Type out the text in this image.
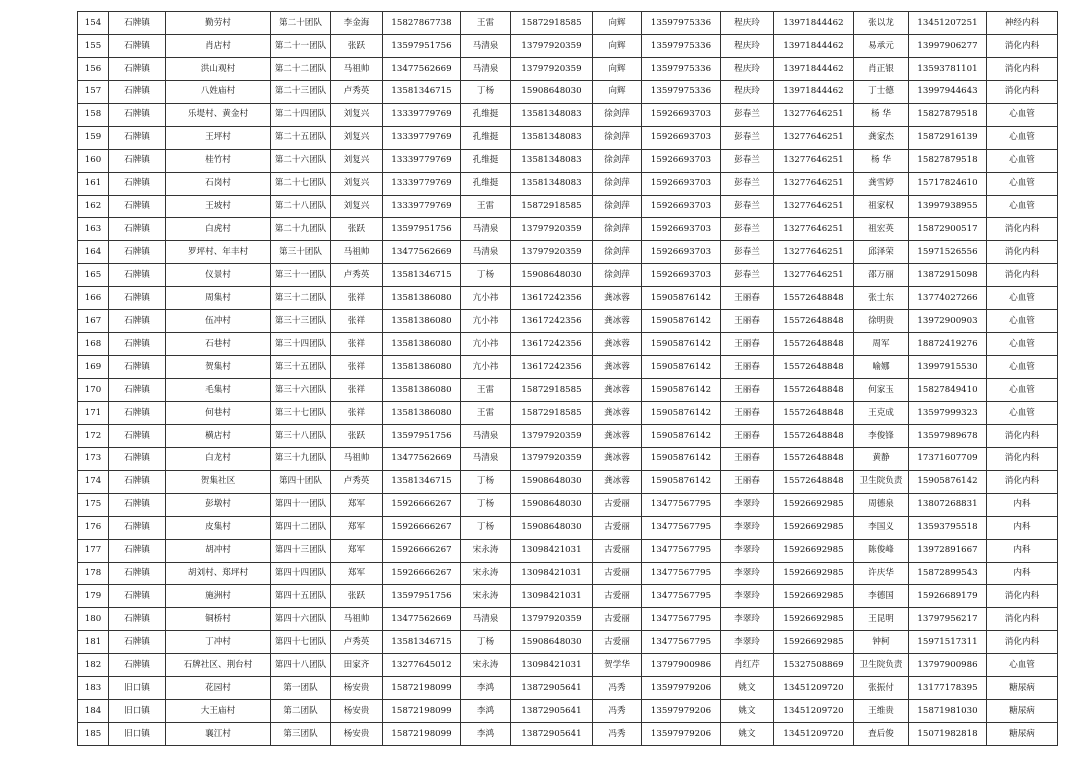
154	石牌镇	勤劳村	第二十团队	李金海	15827867738	王雷	15872918585	向辉	13597975336	程庆玲	13971844462	张以龙	13451207251	神经内科
155	石牌镇	肖店村	第二十一团队	张跃	13597951756	马清泉	13797920359	向辉	13597975336	程庆玲	13971844462	易承元	13997906277	消化内科
156	石牌镇	洪山观村	第二十二团队	马祖帅	13477562669	马清泉	13797920359	向辉	13597975336	程庆玲	13971844462	肖正银	13593781101	消化内科
157	石牌镇	八姓庙村	第二十三团队	卢秀英	13581346715	丁杨	15908648030	向辉	13597975336	程庆玲	13971844462	丁士德	13997944643	消化内科
158	石牌镇	乐堤村、黄金村	第二十四团队	刘复兴	13339779769	孔维挺	13581348083	徐剑萍	15926693703	彭春兰	13277646251	杨 华	15827879518	心血管
159	石牌镇	王坪村	第二十五团队	刘复兴	13339779769	孔维挺	13581348083	徐剑萍	15926693703	彭春兰	13277646251	龚家杰	15872916139	心血管
160	石牌镇	桂竹村	第二十六团队	刘复兴	13339779769	孔维挺	13581348083	徐剑萍	15926693703	彭春兰	13277646251	杨 华	15827879518	心血管
161	石牌镇	石岗村	第二十七团队	刘复兴	13339779769	孔维挺	13581348083	徐剑萍	15926693703	彭春兰	13277646251	龚雪婷	15717824610	心血管
162	石牌镇	王坡村	第二十八团队	刘复兴	13339779769	王雷	15872918585	徐剑萍	15926693703	彭春兰	13277646251	祖家权	13997938955	心血管
163	石牌镇	白虎村	第二十九团队	张跃	13597951756	马清泉	13797920359	徐剑萍	15926693703	彭春兰	13277646251	祖宏英	15872900517	消化内科
164	石牌镇	罗坪村、年丰村	第三十团队	马祖帅	13477562669	马清泉	13797920359	徐剑萍	15926693703	彭春兰	13277646251	邱泽荣	15971526556	消化内科
165	石牌镇	仪景村	第三十一团队	卢秀英	13581346715	丁杨	15908648030	徐剑萍	15926693703	彭春兰	13277646251	邵万丽	13872915098	消化内科
166	石牌镇	周集村	第三十二团队	张祥	13581386080	亢小祎	13617242356	龚冰蓉	15905876142	王丽春	15572648848	张士东	13774027266	心血管
167	石牌镇	伍冲村	第三十三团队	张祥	13581386080	亢小祎	13617242356	龚冰蓉	15905876142	王丽春	15572648848	徐明贵	13972900903	心血管
168	石牌镇	石巷村	第三十四团队	张祥	13581386080	亢小祎	13617242356	龚冰蓉	15905876142	王丽春	15572648848	周军	18872419276	心血管
169	石牌镇	贺集村	第三十五团队	张祥	13581386080	亢小祎	13617242356	龚冰蓉	15905876142	王丽春	15572648848	喻娜	13997915530	心血管
170	石牌镇	毛集村	第三十六团队	张祥	13581386080	王雷	15872918585	龚冰蓉	15905876142	王丽春	15572648848	何家玉	15827849410	心血管
171	石牌镇	何巷村	第三十七团队	张祥	13581386080	王雷	15872918585	龚冰蓉	15905876142	王丽春	15572648848	王克成	13597999323	心血管
172	石牌镇	横店村	第三十八团队	张跃	13597951756	马清泉	13797920359	龚冰蓉	15905876142	王丽春	15572648848	李俊锋	13597989678	消化内科
173	石牌镇	白龙村	第三十九团队	马祖帅	13477562669	马清泉	13797920359	龚冰蓉	15905876142	王丽春	15572648848	黄静	17371607709	消化内科
174	石牌镇	贺集社区	第四十团队	卢秀英	13581346715	丁杨	15908648030	龚冰蓉	15905876142	王丽春	15572648848	卫生院负责	15905876142	消化内科
175	石牌镇	彭墩村	第四十一团队	郑军	15926666267	丁杨	15908648030	古爱丽	13477567795	李翠玲	15926692985	周德泉	13807268831	内科
176	石牌镇	皮集村	第四十二团队	郑军	15926666267	丁杨	15908648030	古爱丽	13477567795	李翠玲	15926692985	李国义	13593795518	内科
177	石牌镇	胡冲村	第四十三团队	郑军	15926666267	宋永涛	13098421031	古爱丽	13477567795	李翠玲	15926692985	陈俊峰	13972891667	内科
178	石牌镇	胡刘村、郑坪村	第四十四团队	郑军	15926666267	宋永涛	13098421031	古爱丽	13477567795	李翠玲	15926692985	许庆华	15872899543	内科
179	石牌镇	施洲村	第四十五团队	张跃	13597951756	宋永涛	13098421031	古爱丽	13477567795	李翠玲	15926692985	李德国	15926689179	消化内科
180	石牌镇	铜桥村	第四十六团队	马祖帅	13477562669	马清泉	13797920359	古爱丽	13477567795	李翠玲	15926692985	王昆明	13797956217	消化内科
181	石牌镇	丁冲村	第四十七团队	卢秀英	13581346715	丁杨	15908648030	古爱丽	13477567795	李翠玲	15926692985	钟柯	15971517311	消化内科
182	石牌镇	石牌社区、荆台村	第四十八团队	田家齐	13277645012	宋永涛	13098421031	贺学华	13797900986	肖红芹	15327508869	卫生院负责	13797900986	心血管
183	旧口镇	花园村	第一团队	杨安贵	15872198099	李鸿	13872905641	冯秀	13597979206	姚文	13451209720	张振付	13177178395	糖尿病
184	旧口镇	大王庙村	第二团队	杨安贵	15872198099	李鸿	13872905641	冯秀	13597979206	姚文	13451209720	王维贵	15871981030	糖尿病
185	旧口镇	襄江村	第三团队	杨安贵	15872198099	李鸿	13872905641	冯秀	13597979206	姚文	13451209720	査后俊	15071982818	糖尿病
